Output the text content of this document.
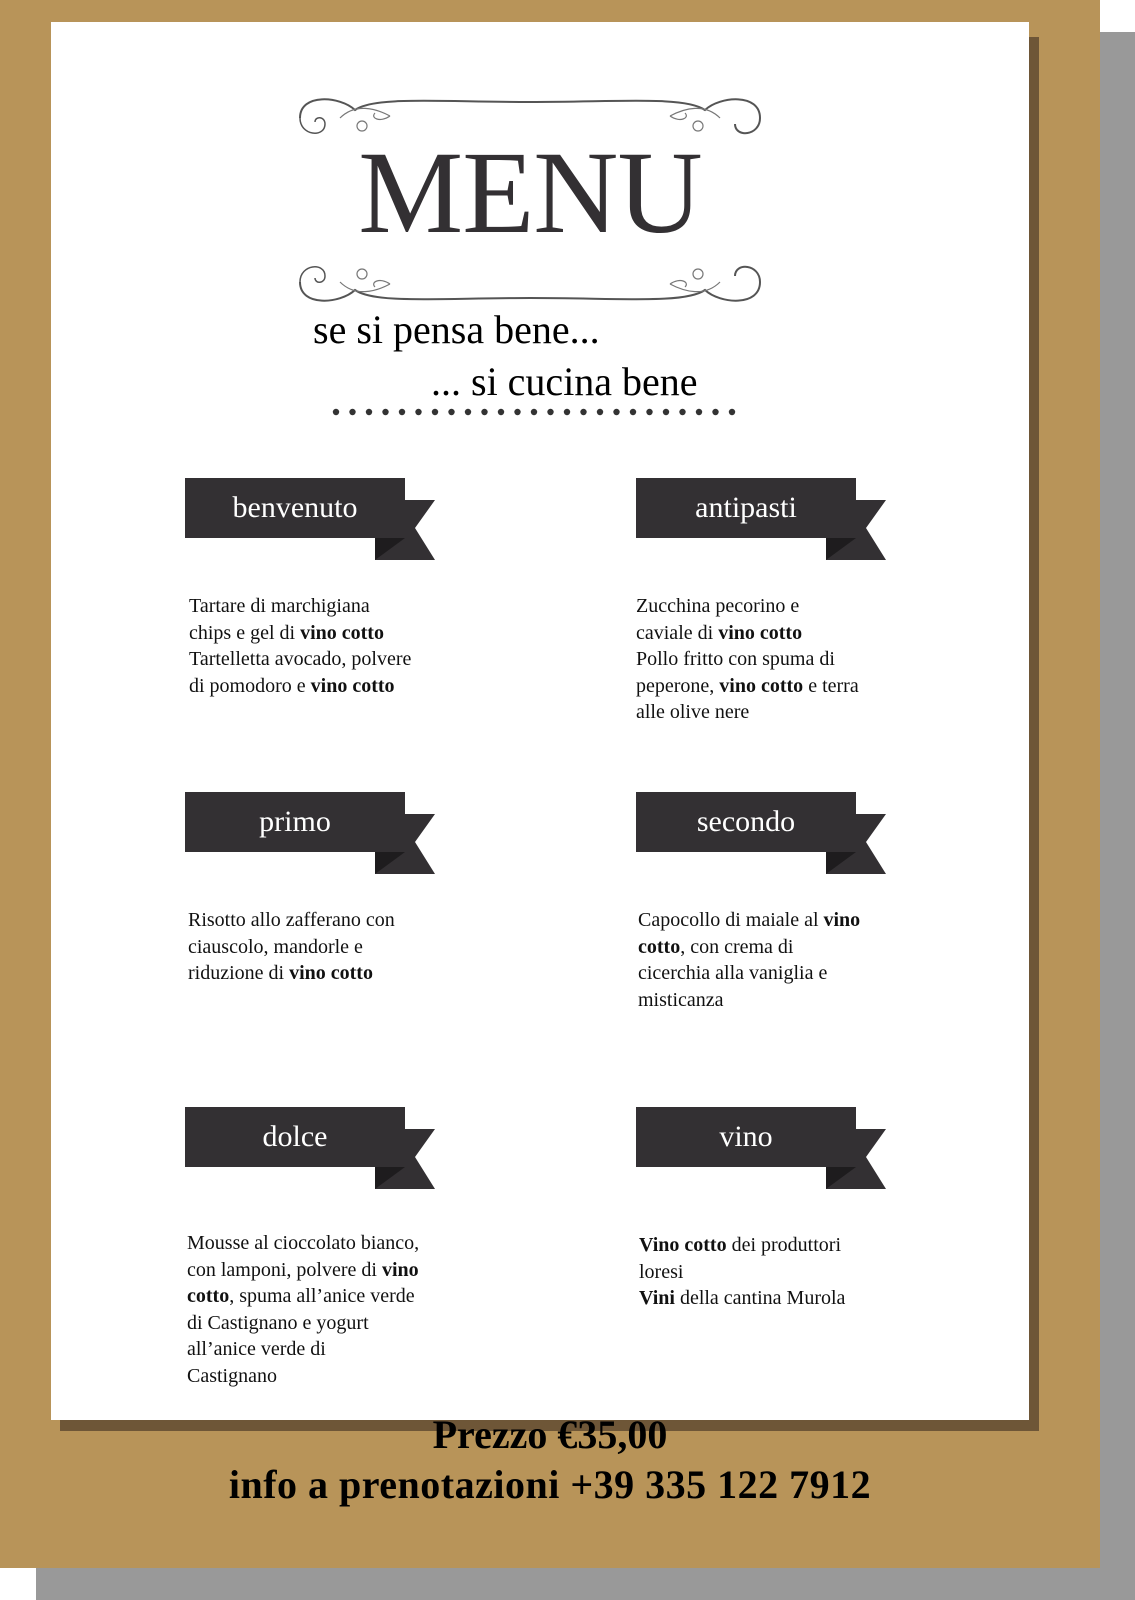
MENU
se si pensa bene...
... si cucina bene
benvenuto
Tartare di marchigiana
chips e gel di vino cotto
Tartelletta avocado, polvere
di pomodoro e vino cotto
antipasti
Zucchina pecorino e
caviale di vino cotto
Pollo fritto con spuma di
peperone, vino cotto e terra
alle olive nere
primo
Risotto allo zafferano con
ciauscolo, mandorle e
riduzione di vino cotto
secondo
Capocollo di maiale al vino
cotto, con crema di
cicerchia alla vaniglia e
misticanza
dolce
Mousse al cioccolato bianco,
con lamponi, polvere di vino
cotto, spuma all’anice verde
di Castignano e yogurt
all’anice verde di
Castignano
vino
Vino cotto dei produttori
loresi
Vini della cantina Murola
Prezzo €35,00
info a prenotazioni +39 335 122 7912
